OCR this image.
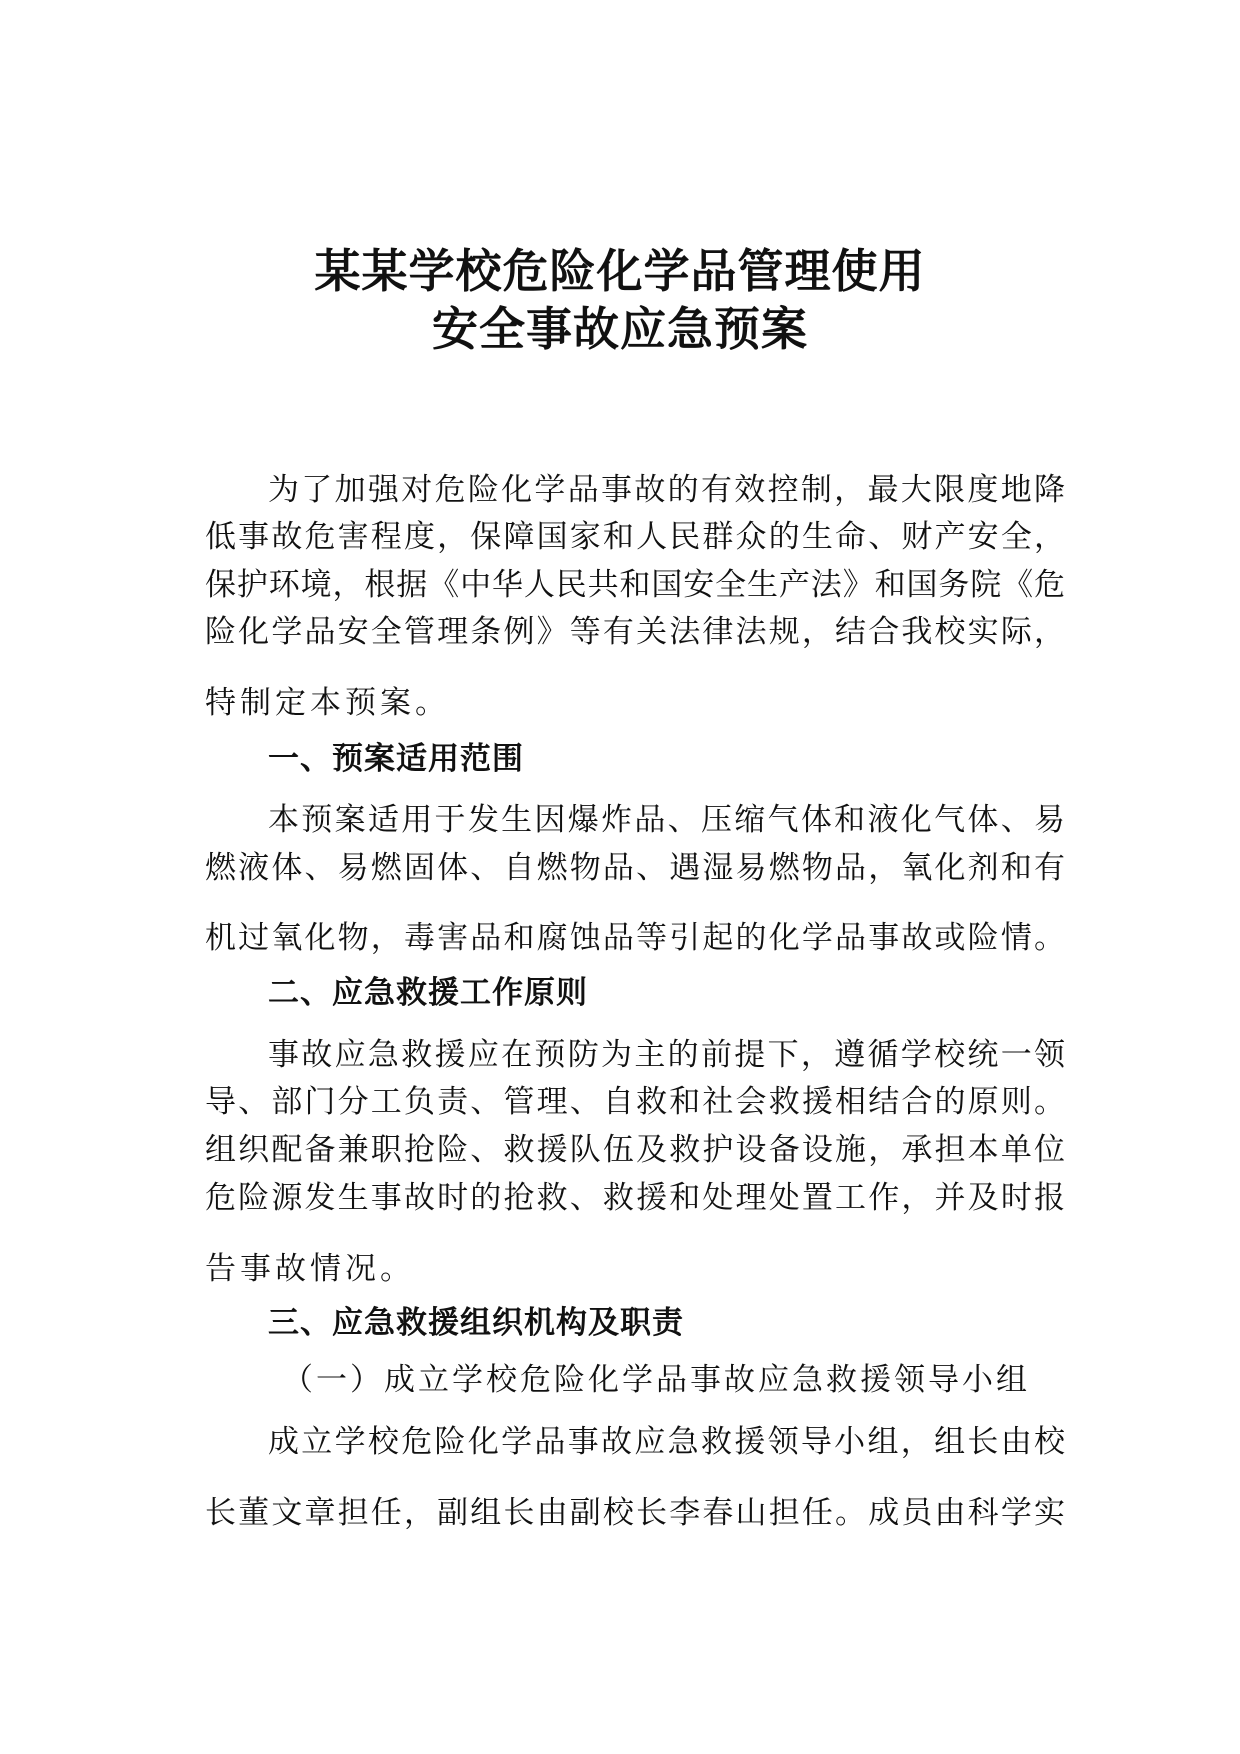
某某学校危险化学品管理使用
安全事故应急预案

为了加强对危险化学品事故的有效控制，最大限度地降

低事故危害程度，保障国家和人民群众的生命、财产安全，

保护环境，根据《中华人民共和国安全生产法》和国务院《危

险化学品安全管理条例》等有关法律法规，结合我校实际，

特制定本预案。

一、预案适用范围

本预案适用于发生因爆炸品、压缩气体和液化气体、易

燃液体、易燃固体、自燃物品、遇湿易燃物品，氧化剂和有

机过氧化物，毒害品和腐蚀品等引起的化学品事故或险情。

二、应急救援工作原则

事故应急救援应在预防为主的前提下，遵循学校统一领

导、部门分工负责、管理、自救和社会救援相结合的原则。

组织配备兼职抢险、救援队伍及救护设备设施，承担本单位

危险源发生事故时的抢救、救援和处理处置工作，并及时报

告事故情况。

三、应急救援组织机构及职责

（一）成立学校危险化学品事故应急救援领导小组

成立学校危险化学品事故应急救援领导小组，组长由校

长董文章担任，副组长由副校长李春山担任。成员由科学实
